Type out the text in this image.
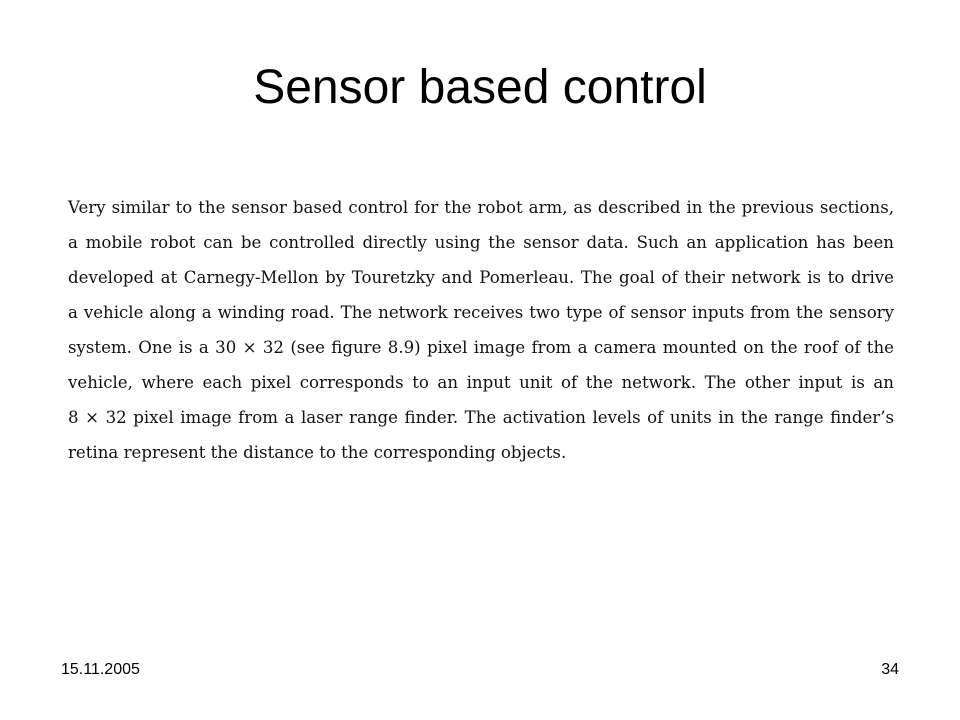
Sensor based control
Very similar to the sensor based control for the robot arm, as described in the previous sections,
a mobile robot can be controlled directly using the sensor data. Such an application has been
developed at Carnegy-Mellon by Touretzky and Pomerleau. The goal of their network is to drive
a vehicle along a winding road. The network receives two type of sensor inputs from the sensory
system. One is a 30 × 32 (see figure 8.9) pixel image from a camera mounted on the roof of the
vehicle, where each pixel corresponds to an input unit of the network. The other input is an
8 × 32 pixel image from a laser range finder. The activation levels of units in the range finder’s
retina represent the distance to the corresponding objects.
15.11.2005	34
